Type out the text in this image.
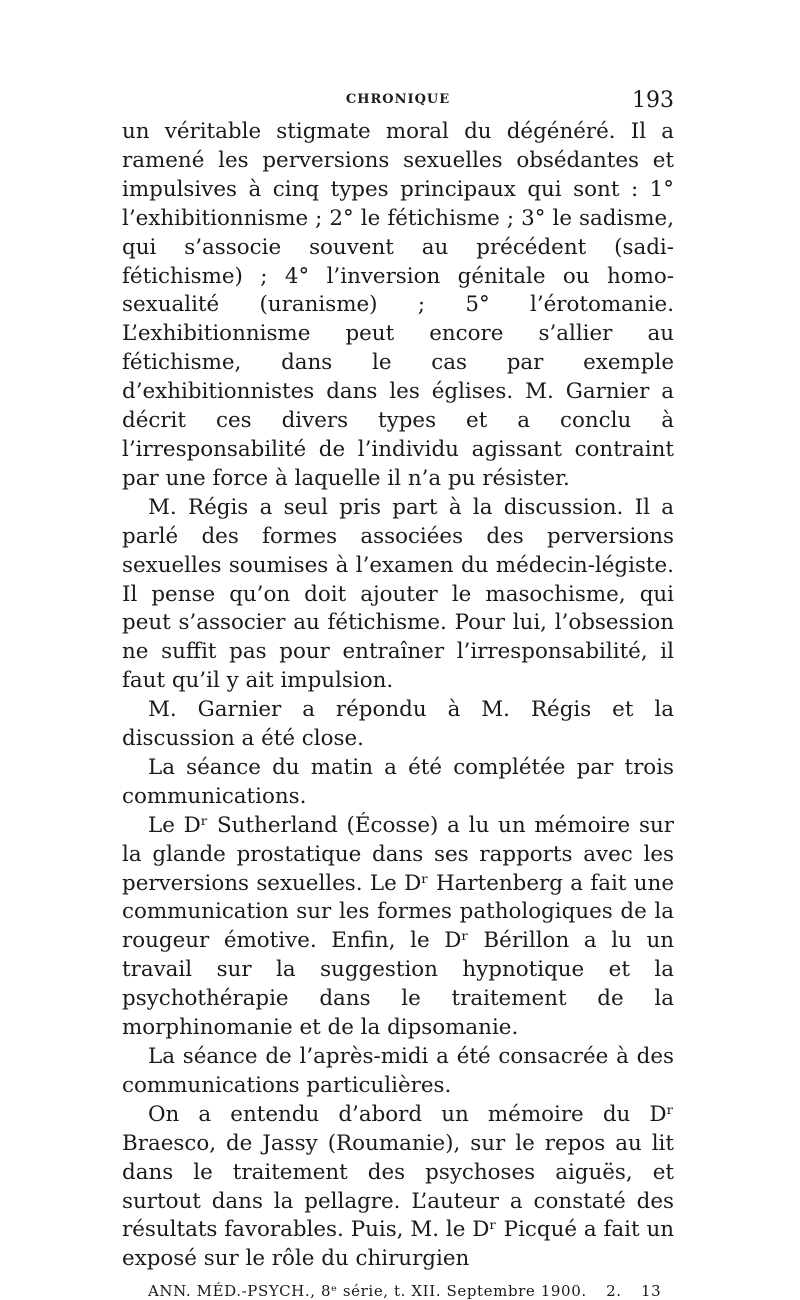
CHRONIQUE	193

un véritable stigmate moral du dégénéré. Il a ramené les perversions sexuelles obsédantes et impulsives à cinq types principaux qui sont : 1° l’exhibitionnisme ; 2° le fétichisme ; 3° le sadisme, qui s’associe souvent au précédent (sadi-fétichisme) ; 4° l’inversion génitale ou homo-sexualité (uranisme) ; 5° l’érotomanie. L’exhibitionnisme peut encore s’allier au fétichisme, dans le cas par exemple d’exhibitionnistes dans les églises. M. Garnier a décrit ces divers types et a conclu à l’irresponsabilité de l’individu agissant contraint par une force à laquelle il n’a pu résister.

M. Régis a seul pris part à la discussion. Il a parlé des formes associées des perversions sexuelles soumises à l’examen du médecin-légiste. Il pense qu’on doit ajouter le masochisme, qui peut s’associer au fétichisme. Pour lui, l’obsession ne suffit pas pour entraîner l’irresponsabilité, il faut qu’il y ait impulsion.

M. Garnier a répondu à M. Régis et la discussion a été close.

La séance du matin a été complétée par trois communications.

Le Dʳ Sutherland (Écosse) a lu un mémoire sur la glande prostatique dans ses rapports avec les perversions sexuelles. Le Dʳ Hartenberg a fait une communication sur les formes pathologiques de la rougeur émotive. Enfin, le Dʳ Bérillon a lu un travail sur la suggestion hypnotique et la psychothérapie dans le traitement de la morphinomanie et de la dipsomanie.

La séance de l’après-midi a été consacrée à des communications particulières.

On a entendu d’abord un mémoire du Dʳ Braesco, de Jassy (Roumanie), sur le repos au lit dans le traitement des psychoses aiguës, et surtout dans la pellagre. L’auteur a constaté des résultats favorables. Puis, M. le Dʳ Picqué a fait un exposé sur le rôle du chirurgien

ANN. MÉD.-PSYCH., 8ᵉ série, t. XII. Septembre 1900. 2. 13
